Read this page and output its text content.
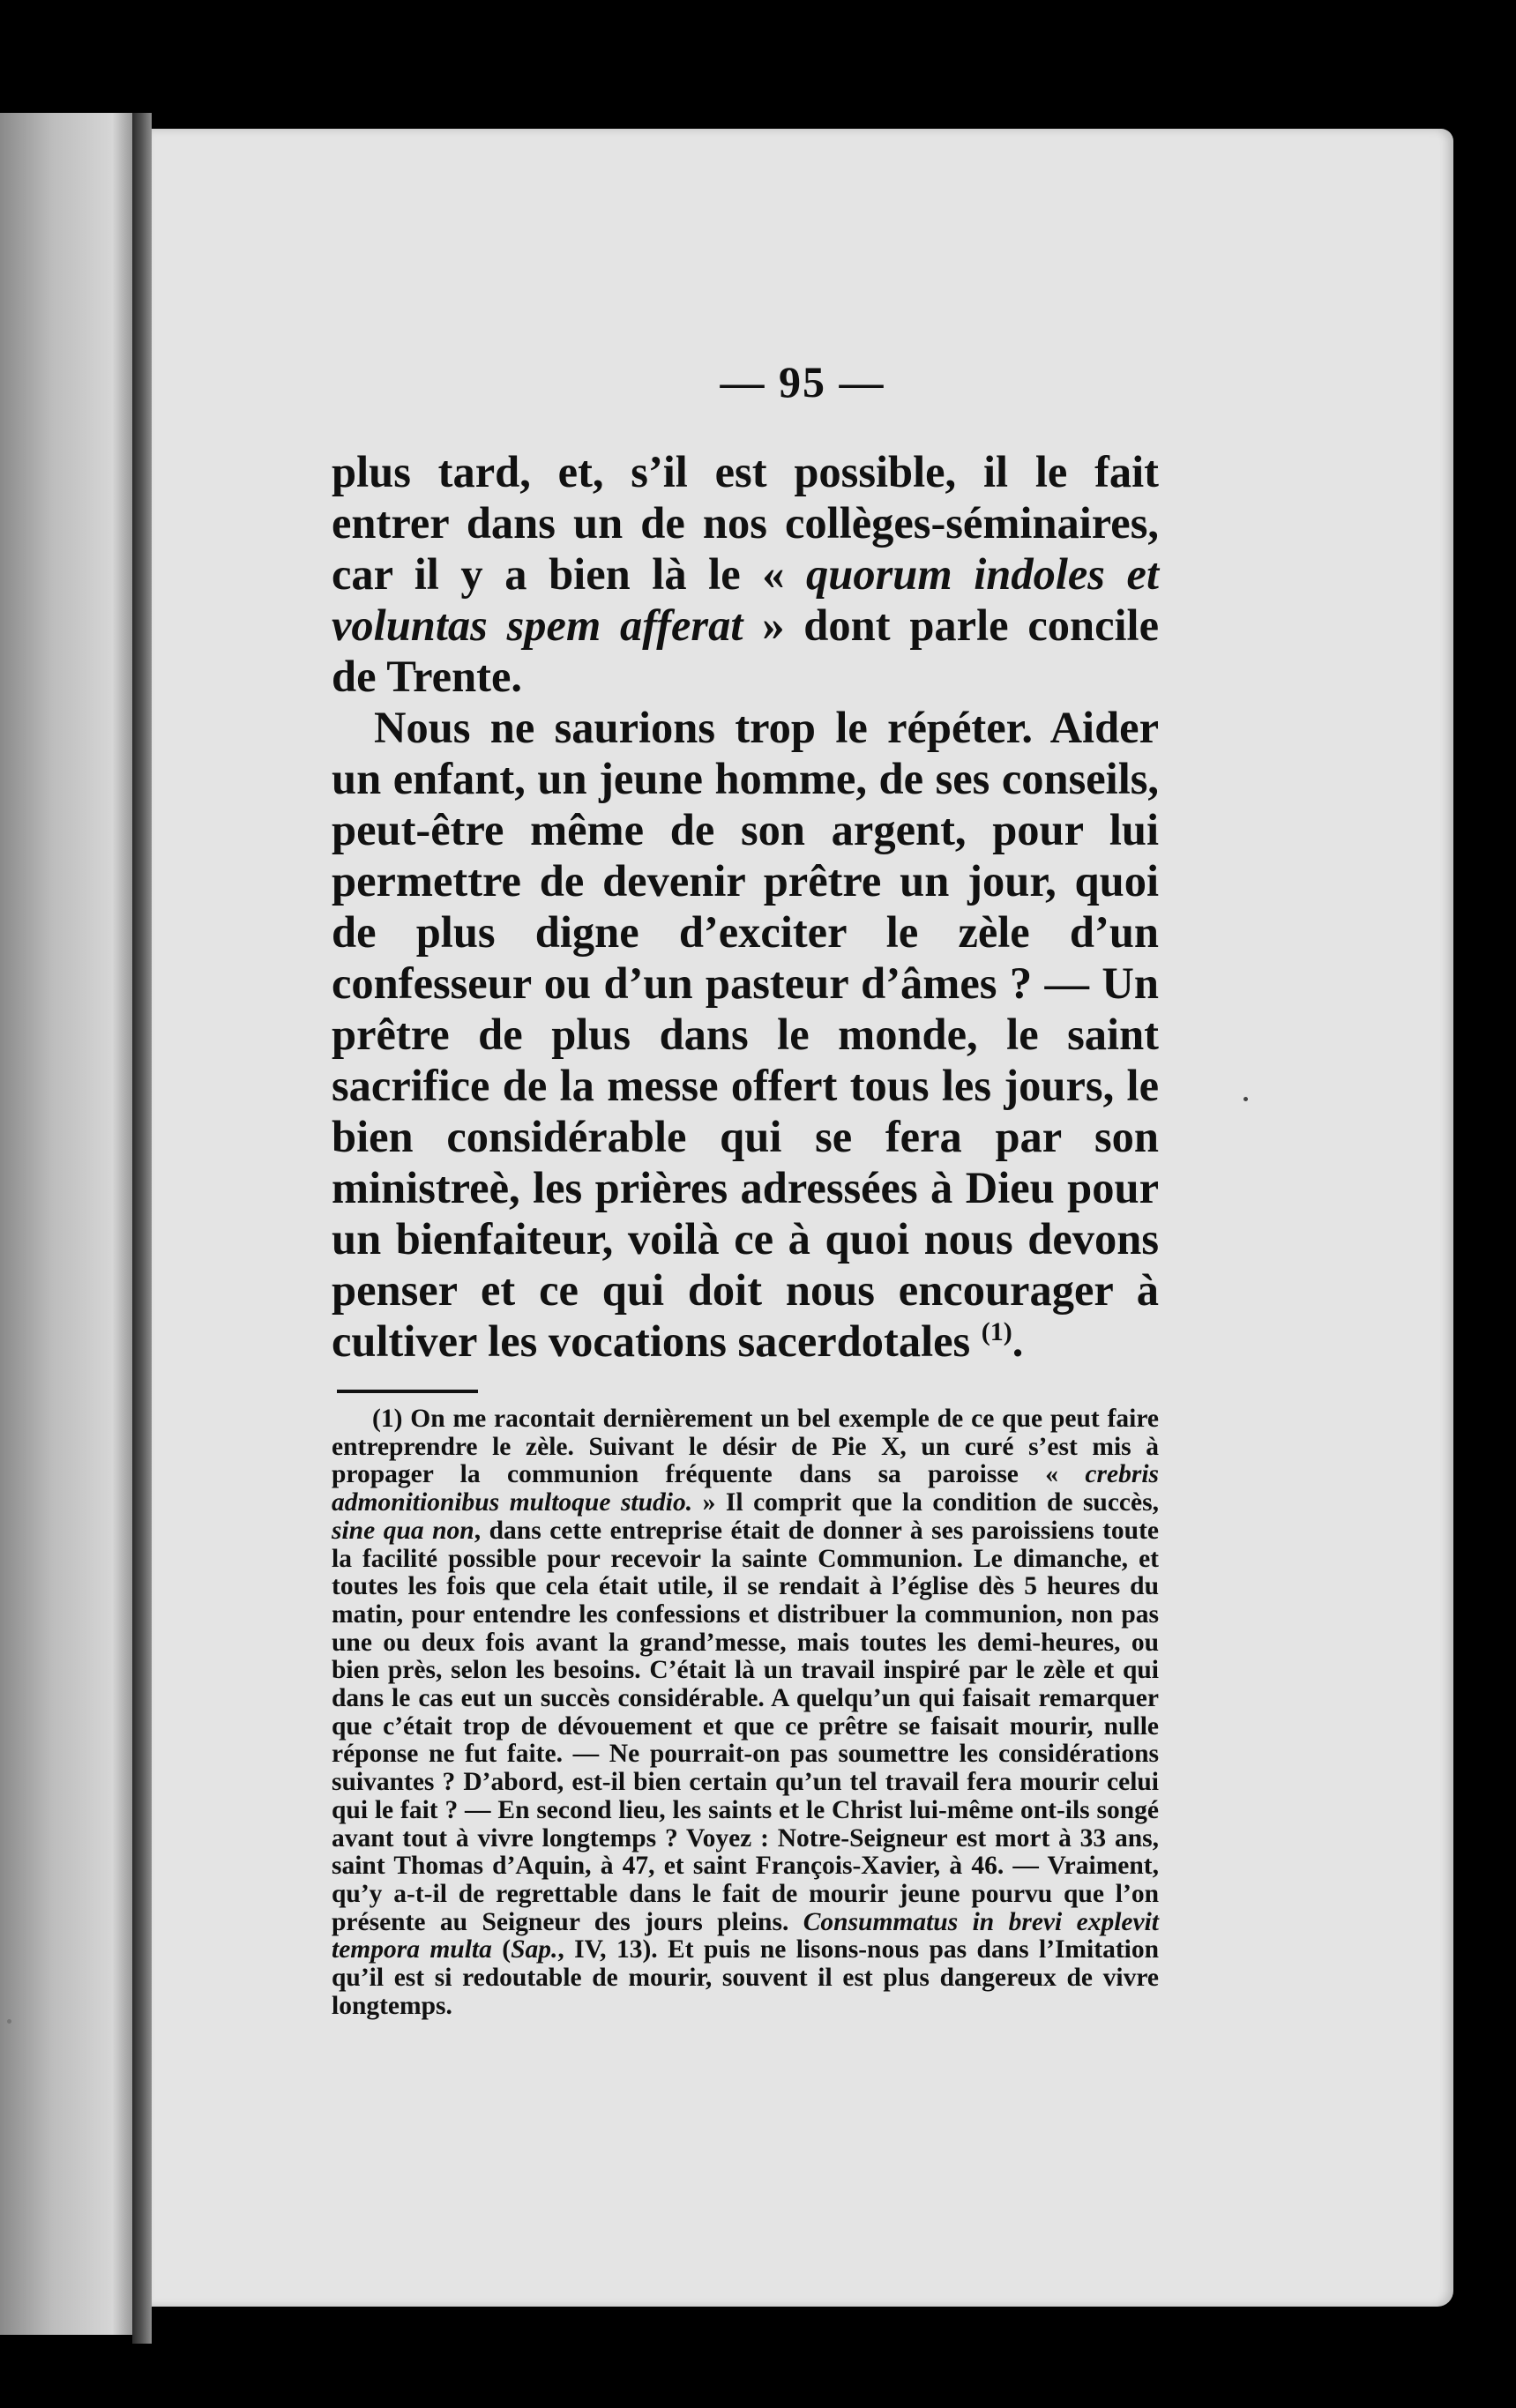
— 95 —

plus tard, et, s’il est possible, il le fait entrer dans un de nos collèges-séminaires, car il y a bien là le « quorum indoles et voluntas spem afferat » dont parle concile de Trente.

Nous ne saurions trop le répéter. Aider un enfant, un jeune homme, de ses conseils, peut-être même de son argent, pour lui permettre de devenir prêtre un jour, quoi de plus digne d’exciter le zèle d’un confesseur ou d’un pasteur d’âmes ? — Un prêtre de plus dans le monde, le saint sacrifice de la messe offert tous les jours, le bien considérable qui se fera par son ministreè, les prières adressées à Dieu pour un bienfaiteur, voilà ce à quoi nous devons penser et ce qui doit nous encourager à cultiver les vocations sacerdotales $^{(1)}$.

(1) On me racontait dernièrement un bel exemple de ce que peut faire entreprendre le zèle. Suivant le désir de Pie X, un curé s’est mis à propager la communion fréquente dans sa paroisse « crebris admonitionibus multoque studio. » Il comprit que la condition de succès, sine qua non, dans cette entreprise était de donner à ses paroissiens toute la facilité possible pour recevoir la sainte Communion. Le dimanche, et toutes les fois que cela était utile, il se rendait à l’église dès 5 heures du matin, pour entendre les confessions et distribuer la communion, non pas une ou deux fois avant la grand’messe, mais toutes les demi-heures, ou bien près, selon les besoins. C’était là un travail inspiré par le zèle et qui dans le cas eut un succès considérable. A quelqu’un qui faisait remarquer que c’était trop de dévouement et que ce prêtre se faisait mourir, nulle réponse ne fut faite. — Ne pourrait-on pas soumettre les considérations suivantes ? D’abord, est-il bien certain qu’un tel travail fera mourir celui qui le fait ? — En second lieu, les saints et le Christ lui-même ont-ils songé avant tout à vivre longtemps ? Voyez : Notre-Seigneur est mort à 33 ans, saint Thomas d’Aquin, à 47, et saint François-Xavier, à 46. — Vraiment, qu’y a-t-il de regrettable dans le fait de mourir jeune pourvu que l’on présente au Seigneur des jours pleins. Consummatus in brevi explevit tempora multa (Sap., IV, 13). Et puis ne lisons-nous pas dans l’Imitation qu’il est si redoutable de mourir, souvent il est plus dangereux de vivre longtemps.
